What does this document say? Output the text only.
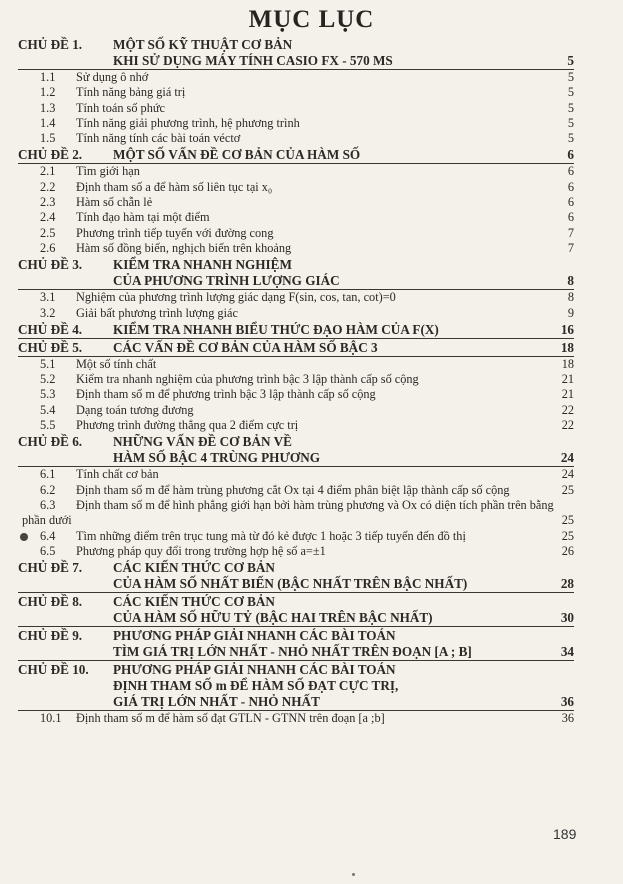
MỤC LỤC
CHỦ ĐỀ 1. MỘT SỐ KỸ THUẬT CƠ BẢN
KHI SỬ DỤNG MÁY TÍNH CASIO FX - 570 MS	5
1.1 Sử dụng ô nhớ	5
1.2 Tính năng bảng giá trị	5
1.3 Tính toán số phức	5
1.4 Tính năng giải phương trình, hệ phương trình	5
1.5 Tính năng tính các bài toán véctơ	5
CHỦ ĐỀ 2. MỘT SỐ VẤN ĐỀ CƠ BẢN CỦA HÀM SỐ	6
2.1 Tìm giới hạn	6
2.2 Định tham số a để hàm số liên tục tại x₀	6
2.3 Hàm số chẵn lẻ	6
2.4 Tính đạo hàm tại một điểm	6
2.5 Phương trình tiếp tuyến với đường cong	7
2.6 Hàm số đồng biến, nghịch biến trên khoảng	7
CHỦ ĐỀ 3. KIỂM TRA NHANH NGHIỆM
CỦA PHƯƠNG TRÌNH LƯỢNG GIÁC	8
3.1 Nghiệm của phương trình lượng giác dạng F(sin, cos, tan, cot)=0	8
3.2 Giải bất phương trình lượng giác	9
CHỦ ĐỀ 4. KIỂM TRA NHANH BIỂU THỨC ĐẠO HÀM CỦA F(X)	16
CHỦ ĐỀ 5. CÁC VẤN ĐỀ CƠ BẢN CỦA HÀM SỐ BẬC 3	18
5.1 Một số tính chất	18
5.2 Kiểm tra nhanh nghiệm của phương trình bậc 3 lập thành cấp số cộng	21
5.3 Định tham số m để phương trình bậc 3 lập thành cấp số cộng	21
5.4 Dạng toán tương đương	22
5.5 Phương trình đường thẳng qua 2 điểm cực trị	22
CHỦ ĐỀ 6. NHỮNG VẤN ĐỀ CƠ BẢN VỀ
HÀM SỐ BẬC 4 TRÙNG PHƯƠNG	24
6.1 Tính chất cơ bản	24
6.2	Định tham số m để hàm trùng phương cắt Ox tại 4 điểm phân biệt lập thành cấp số cộng	25
6.3	Định tham số m để hình phẳng giới hạn bởi hàm trùng phương và Ox có diện tích phần trên bằng phần dưới	25
6.4 Tìm những điểm trên trục tung mà từ đó kẻ được 1 hoặc 3 tiếp tuyến đến đồ thị	25
6.5 Phương pháp quy đổi trong trường hợp hệ số a=±1	26
CHỦ ĐỀ 7. CÁC KIẾN THỨC CƠ BẢN
CỦA HÀM SỐ NHẤT BIẾN (BẬC NHẤT TRÊN BẬC NHẤT)	28
CHỦ ĐỀ 8. CÁC KIẾN THỨC CƠ BẢN
CỦA HÀM SỐ HỮU TỶ (BẬC HAI TRÊN BẬC NHẤT)	30
CHỦ ĐỀ 9. PHƯƠNG PHÁP GIẢI NHANH CÁC BÀI TOÁN
TÌM GIÁ TRỊ LỚN NHẤT - NHỎ NHẤT TRÊN ĐOẠN [A ; B]	34
CHỦ ĐỀ 10. PHƯƠNG PHÁP GIẢI NHANH CÁC BÀI TOÁN
ĐỊNH THAM SỐ m ĐỂ HÀM SỐ ĐẠT CỰC TRỊ,
GIÁ TRỊ LỚN NHẤT - NHỎ NHẤT	36
10.1 Định tham số m để hàm số đạt GTLN - GTNN trên đoạn [a ;b]	36
189
